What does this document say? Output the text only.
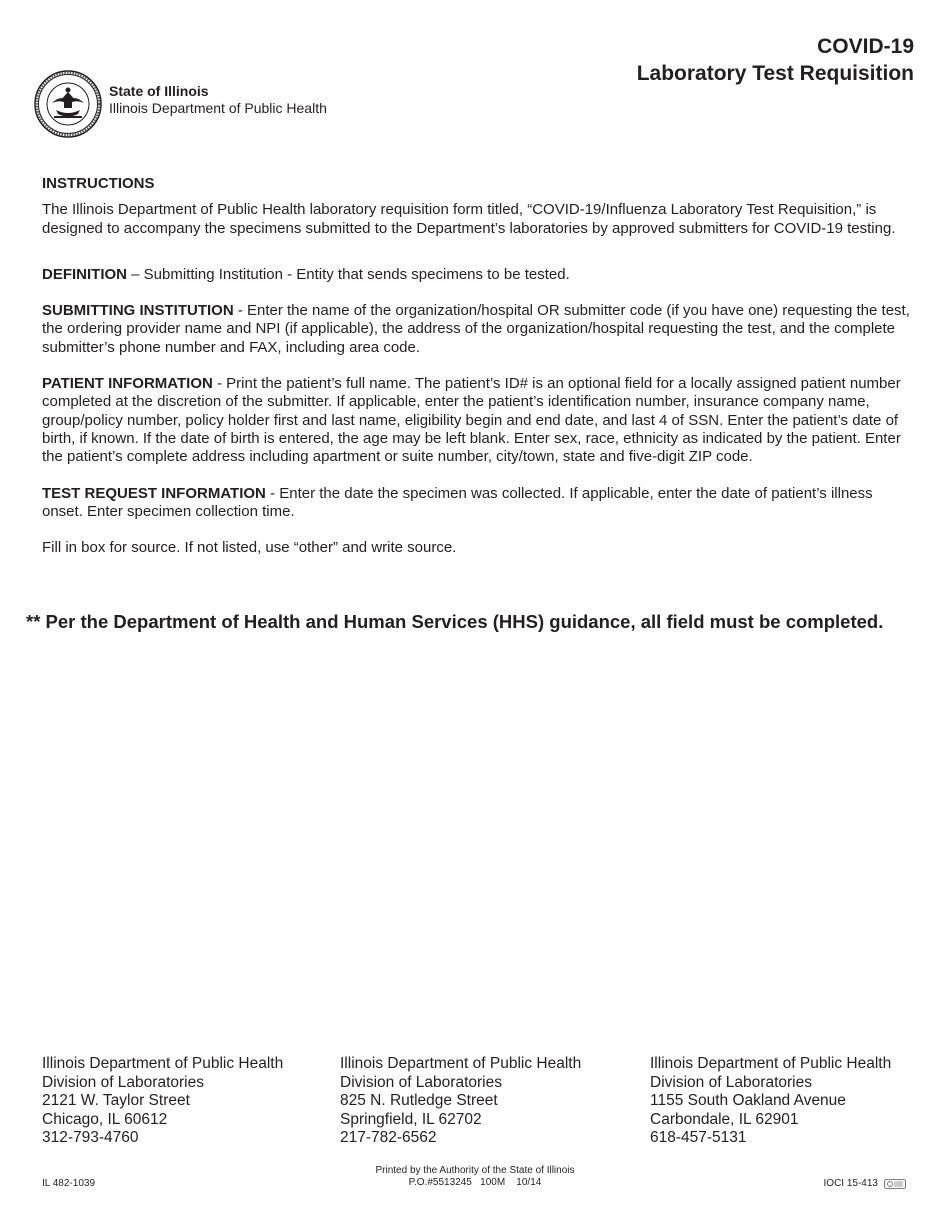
State of Illinois
Illinois Department of Public Health
COVID-19
Laboratory Test Requisition

INSTRUCTIONS

The Illinois Department of Public Health laboratory requisition form titled, “COVID-19/Influenza Laboratory Test Requisition,” is designed to accompany the specimens submitted to the Department’s laboratories by approved submitters for COVID-19 testing.

DEFINITION – Submitting Institution - Entity that sends specimens to be tested.

SUBMITTING INSTITUTION - Enter the name of the organization/hospital OR submitter code (if you have one) requesting the test, the ordering provider name and NPI (if applicable), the address of the organization/hospital requesting the test, and the complete submitter’s phone number and FAX, including area code.

PATIENT INFORMATION - Print the patient’s full name. The patient’s ID# is an optional field for a locally assigned patient number completed at the discretion of the submitter. If applicable, enter the patient’s identification number, insurance company name, group/policy number, policy holder first and last name, eligibility begin and end date, and last 4 of SSN. Enter the patient’s date of birth, if known. If the date of birth is entered, the age may be left blank. Enter sex, race, ethnicity as indicated by the patient. Enter the patient’s complete address including apartment or suite number, city/town, state and five-digit ZIP code.

TEST REQUEST INFORMATION - Enter the date the specimen was collected. If applicable, enter the date of patient’s illness onset. Enter specimen collection time.

Fill in box for source. If not listed, use “other” and write source.

** Per the Department of Health and Human Services (HHS) guidance, all field must be completed.
Illinois Department of Public Health
Division of Laboratories
2121 W. Taylor Street
Chicago, IL 60612
312-793-4760
Illinois Department of Public Health
Division of Laboratories
825 N. Rutledge Street
Springfield, IL 62702
217-782-6562
Illinois Department of Public Health
Division of Laboratories
1155 South Oakland Avenue
Carbondale, IL 62901
618-457-5131
IL 482-1039
Printed by the Authority of the State of Illinois
P.O.#5513245   100M    10/14	IOCI 15-413
